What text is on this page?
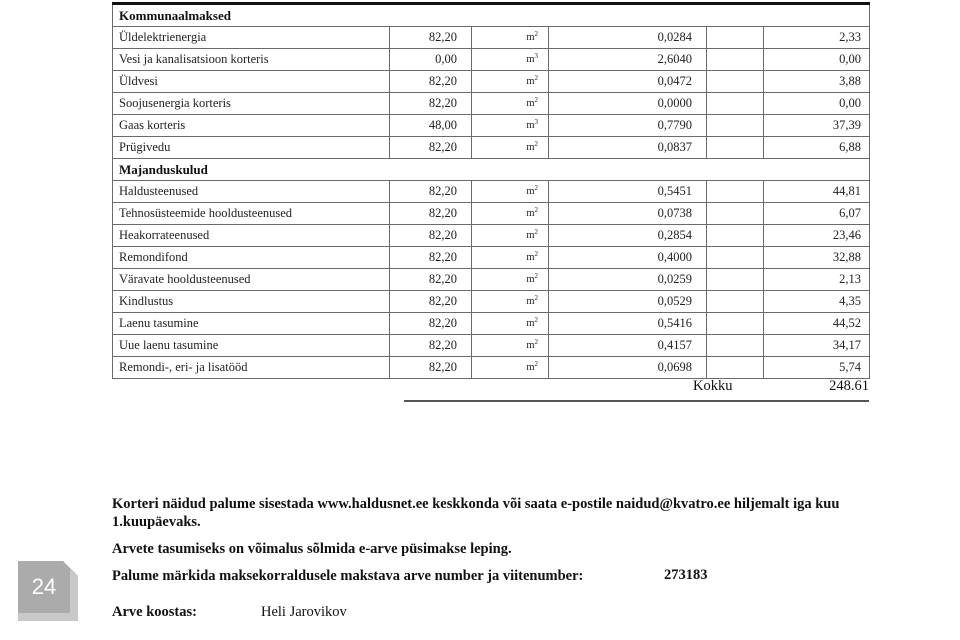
Kommunaalmaksed					
Üldelektrienergia	82,20	$m^2$	0,0284		2,33
Vesi ja kanalisatsioon korteris	0,00	$m^3$	2,6040		0,00
Üldvesi	82,20	$m^2$	0,0472		3,88
Soojusenergia korteris	82,20	$m^2$	0,0000		0,00
Gaas korteris	48,00	$m^3$	0,7790		37,39
Prügivedu	82,20	$m^2$	0,0837		6,88
Majanduskulud					
Haldusteenused	82,20	$m^2$	0,5451		44,81
Tehnosüsteemide hooldusteenused	82,20	$m^2$	0,0738		6,07
Heakorrateenused	82,20	$m^2$	0,2854		23,46
Remondifond	82,20	$m^2$	0,4000		32,88
Väravate hooldusteenused	82,20	$m^2$	0,0259		2,13
Kindlustus	82,20	$m^2$	0,0529		4,35
Laenu tasumine	82,20	$m^2$	0,5416		44,52
Uue laenu tasumine	82,20	$m^2$	0,4157		34,17
Remondi-, eri- ja lisatööd	82,20	$m^2$	0,0698		5,74
Kokku	248.61

Korteri näidud palume sisestada www.haldusnet.ee keskkonda või saata e-postile naidud@kvatro.ee hiljemalt iga kuu 1.kuupäevaks.

Arvete tasumiseks on võimalus sõlmida e-arve püsimakse leping.

Palume märkida maksekorraldusele makstava arve number ja viitenumber:	273183
Arve koostas:	Heli Jarovikov
24
